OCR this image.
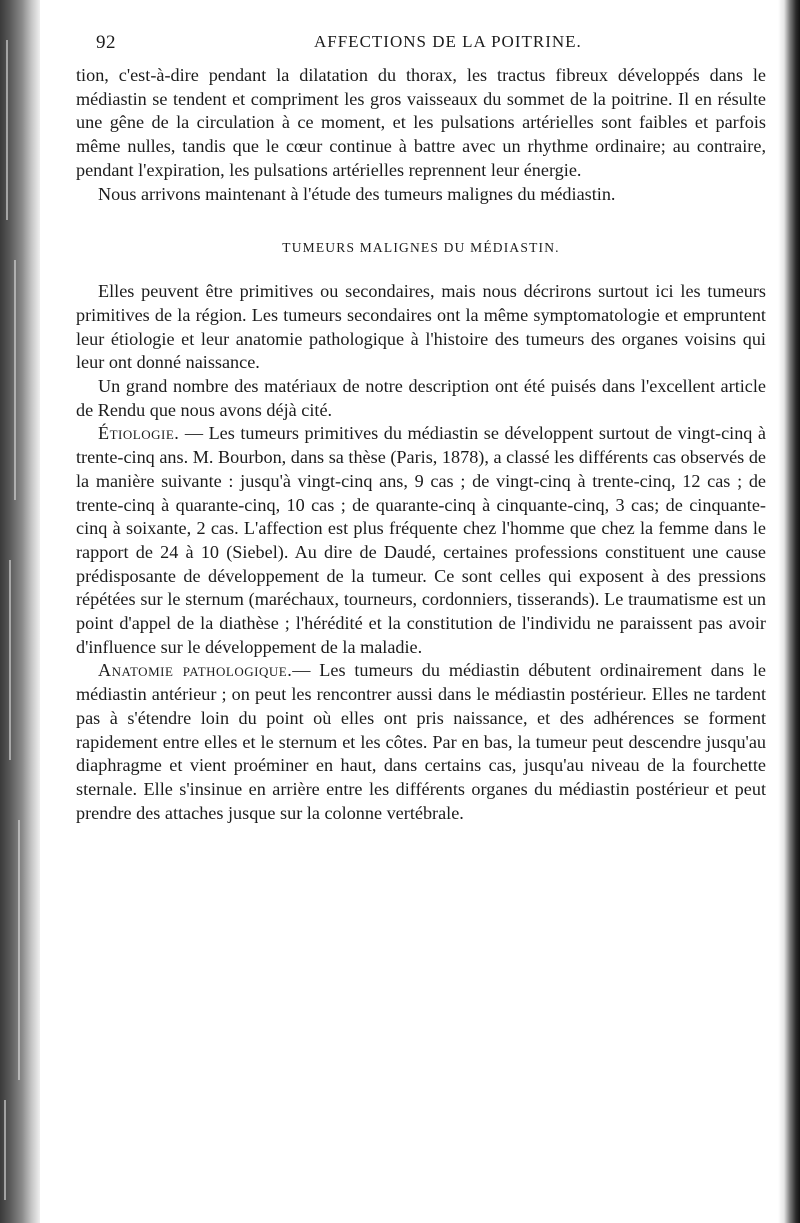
92	AFFECTIONS DE LA POITRINE.

tion, c'est-à-dire pendant la dilatation du thorax, les tractus fibreux développés dans le médiastin se tendent et compriment les gros vaisseaux du sommet de la poitrine. Il en résulte une gêne de la circulation à ce moment, et les pulsations artérielles sont faibles et parfois même nulles, tandis que le cœur continue à battre avec un rhythme ordinaire; au contraire, pendant l'expiration, les pulsations artérielles reprennent leur énergie.

Nous arrivons maintenant à l'étude des tumeurs malignes du médiastin.

TUMEURS MALIGNES DU MÉDIASTIN.

Elles peuvent être primitives ou secondaires, mais nous décrirons surtout ici les tumeurs primitives de la région. Les tumeurs secondaires ont la même symptomatologie et empruntent leur étiologie et leur anatomie pathologique à l'histoire des tumeurs des organes voisins qui leur ont donné naissance.

Un grand nombre des matériaux de notre description ont été puisés dans l'excellent article de Rendu que nous avons déjà cité.

Étiologie. — Les tumeurs primitives du médiastin se développent surtout de vingt-cinq à trente-cinq ans. M. Bourbon, dans sa thèse (Paris, 1878), a classé les différents cas observés de la manière suivante : jusqu'à vingt-cinq ans, 9 cas ; de vingt-cinq à trente-cinq, 12 cas ; de trente-cinq à quarante-cinq, 10 cas ; de quarante-cinq à cinquante-cinq, 3 cas; de cinquante-cinq à soixante, 2 cas. L'affection est plus fréquente chez l'homme que chez la femme dans le rapport de 24 à 10 (Siebel). Au dire de Daudé, certaines professions constituent une cause prédisposante de développement de la tumeur. Ce sont celles qui exposent à des pressions répétées sur le sternum (maréchaux, tourneurs, cordonniers, tisserands). Le traumatisme est un point d'appel de la diathèse ; l'hérédité et la constitution de l'individu ne paraissent pas avoir d'influence sur le développement de la maladie.

Anatomie pathologique.— Les tumeurs du médiastin débutent ordinairement dans le médiastin antérieur ; on peut les rencontrer aussi dans le médiastin postérieur. Elles ne tardent pas à s'étendre loin du point où elles ont pris naissance, et des adhérences se forment rapidement entre elles et le sternum et les côtes. Par en bas, la tumeur peut descendre jusqu'au diaphragme et vient proéminer en haut, dans certains cas, jusqu'au niveau de la fourchette sternale. Elle s'insinue en arrière entre les différents organes du médiastin postérieur et peut prendre des attaches jusque sur la colonne vertébrale.
